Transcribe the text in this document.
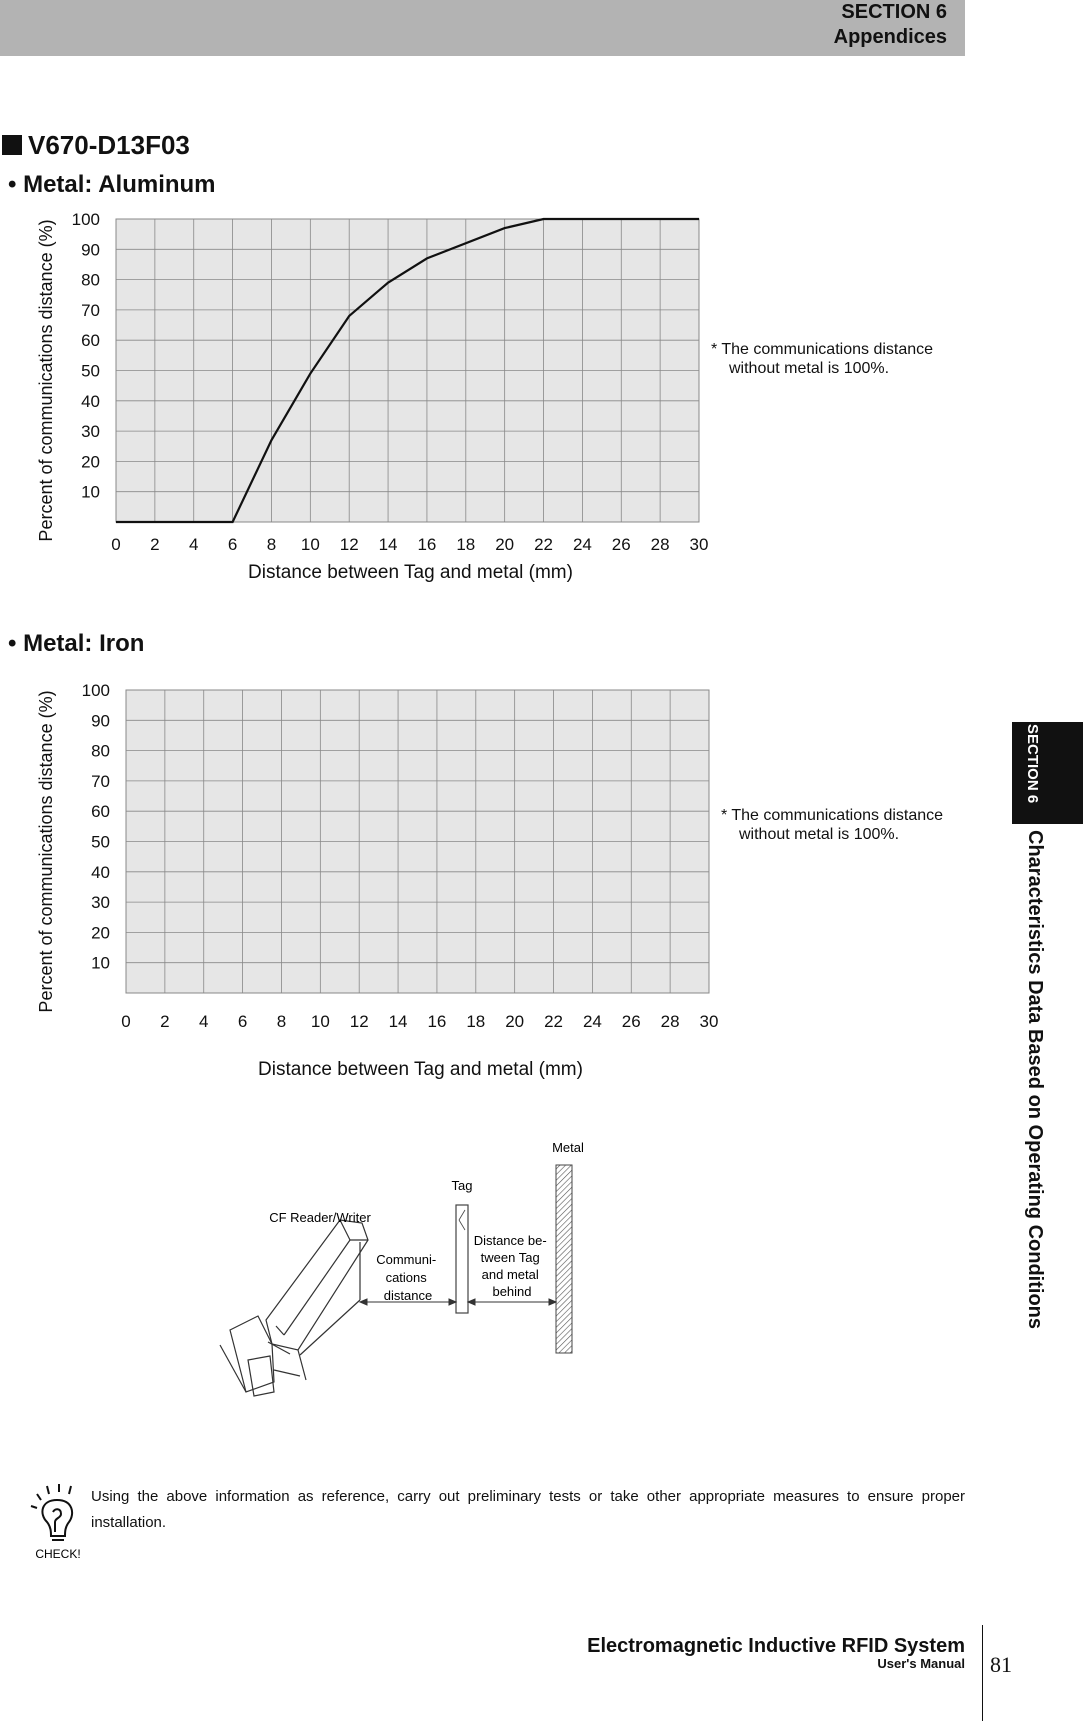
SECTION 6
Appendices
SECTION 6
Characteristics Data Based on Operating Conditions
V670-D13F03
• Metal: Aluminum
10
20
30
40
50
60
70
80
90
100
0 2 4 6 8 10 12 14 16 18 20 22 24 26 28 30
Distance between Tag and metal (mm)
Percent of communications distance (%)	* The communications distance
without metal is 100%.
• Metal: Iron
10
20
30
40
50
60
70
80
90
100
0 2 4 6 8 10 12 14 16 18 20 22 24 26 28 30
Distance between Tag and metal (mm)
Percent of communications distance (%)	* The communications distance
without metal is 100%.
Metal
Tag
CF Reader/Writer
Communi- cations distance
Distance be- tween Tag and metal behind
CHECK!
Using the above information as reference, carry out preliminary tests or take other appropriate measures to ensure proper installation.
Electromagnetic Inductive RFID System
User's Manual 81
